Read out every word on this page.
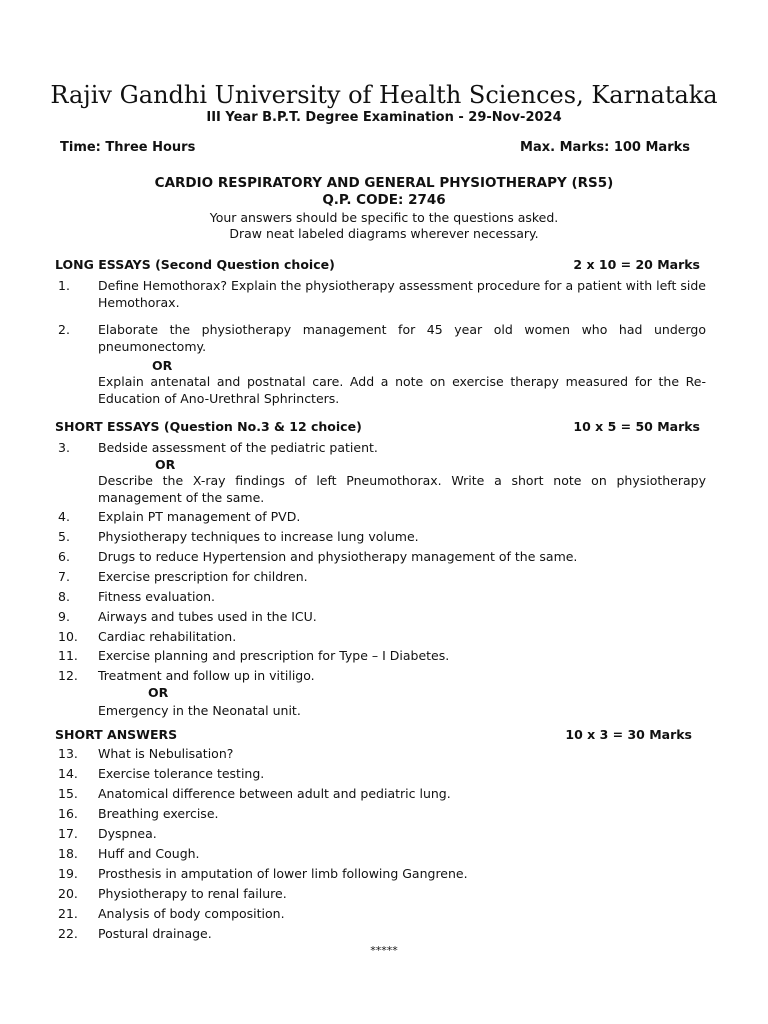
Rajiv Gandhi University of Health Sciences, Karnataka
III Year B.P.T. Degree Examination - 29-Nov-2024
Time: Three Hours	Max. Marks: 100 Marks
CARDIO RESPIRATORY AND GENERAL PHYSIOTHERAPY (RS5)
Q.P. CODE: 2746
Your answers should be specific to the questions asked.
Draw neat labeled diagrams wherever necessary.
LONG ESSAYS (Second Question choice)	2 x 10 = 20 Marks
1.	Define Hemothorax? Explain the physiotherapy assessment procedure for a patient with left side Hemothorax.
2.	Elaborate the physiotherapy management for 45 year old women who had undergo pneumonectomy.
OR
Explain antenatal and postnatal care. Add a note on exercise therapy measured for the Re-Education of Ano-Urethral Sphrincters.
SHORT ESSAYS (Question No.3 & 12 choice)	10 x 5 = 50 Marks
3.	Bedside assessment of the pediatric patient.
OR
Describe the X-ray findings of left Pneumothorax. Write a short note on physiotherapy management of the same.
4.	Explain PT management of PVD.
5.	Physiotherapy techniques to increase lung volume.
6.	Drugs to reduce Hypertension and physiotherapy management of the same.
7.	Exercise prescription for children.
8.	Fitness evaluation.
9.	Airways and tubes used in the ICU.
10.	Cardiac rehabilitation.
11.	Exercise planning and prescription for Type – I Diabetes.
12.	Treatment and follow up in vitiligo.
OR
Emergency in the Neonatal unit.
SHORT ANSWERS	10 x 3 = 30 Marks
13.	What is Nebulisation?
14.	Exercise tolerance testing.
15.	Anatomical difference between adult and pediatric lung.
16.	Breathing exercise.
17.	Dyspnea.
18.	Huff and Cough.
19.	Prosthesis in amputation of lower limb following Gangrene.
20.	Physiotherapy to renal failure.
21.	Analysis of body composition.
22.	Postural drainage.
*****
